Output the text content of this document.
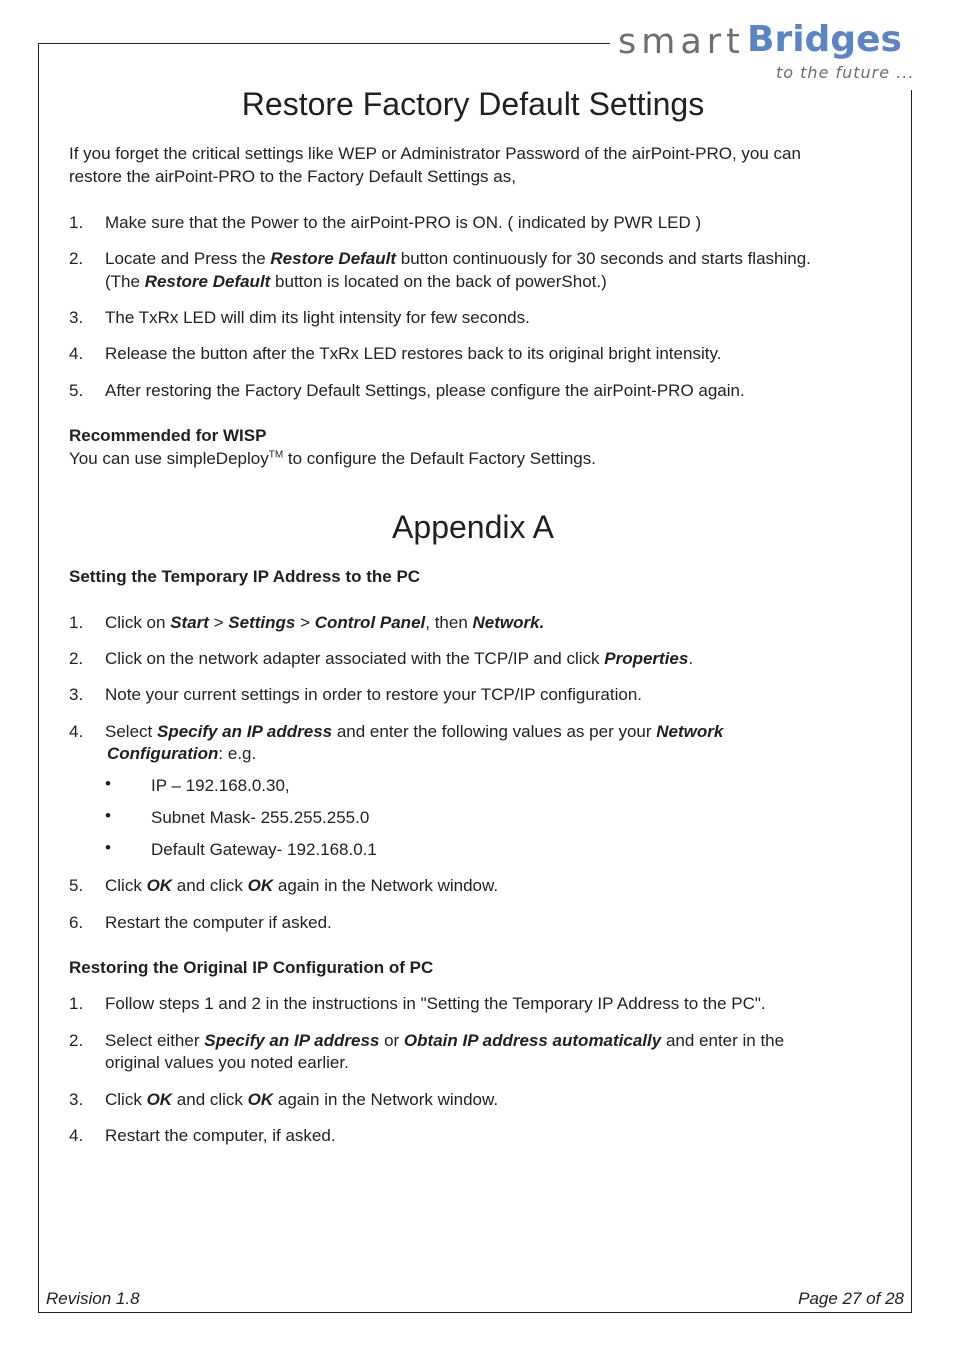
smart Bridges
to the future ...
Restore Factory Default Settings
If you forget the critical settings like WEP or Administrator Password of the airPoint-PRO, you can
restore the airPoint-PRO to the Factory Default Settings as,
1. Make sure that the Power to the airPoint-PRO is ON. ( indicated by PWR LED )
2. Locate and Press the Restore Default button continuously for 30 seconds and starts flashing.
(The Restore Default button is located on the back of powerShot.)
3. The TxRx LED will dim its light intensity for few seconds.
4. Release the button after the TxRx LED restores back to its original bright intensity.
5. After restoring the Factory Default Settings, please configure the airPoint-PRO again.
Recommended for WISP
You can use simpleDeploy™ to configure the Default Factory Settings.
Appendix A
Setting the Temporary IP Address to the PC
1. Click on Start > Settings > Control Panel, then Network.
2. Click on the network adapter associated with the TCP/IP and click Properties.
3. Note your current settings in order to restore your TCP/IP configuration.
4. Select Specify an IP address and enter the following values as per your Network
Configuration: e.g.
• IP – 192.168.0.30,
• Subnet Mask- 255.255.255.0
• Default Gateway- 192.168.0.1
5. Click OK and click OK again in the Network window.
6. Restart the computer if asked.
Restoring the Original IP Configuration of PC
1. Follow steps 1 and 2 in the instructions in "Setting the Temporary IP Address to the PC".
2. Select either Specify an IP address or Obtain IP address automatically and enter in the
original values you noted earlier.
3. Click OK and click OK again in the Network window.
4. Restart the computer, if asked.
Revision 1.8	Page 27 of 28
